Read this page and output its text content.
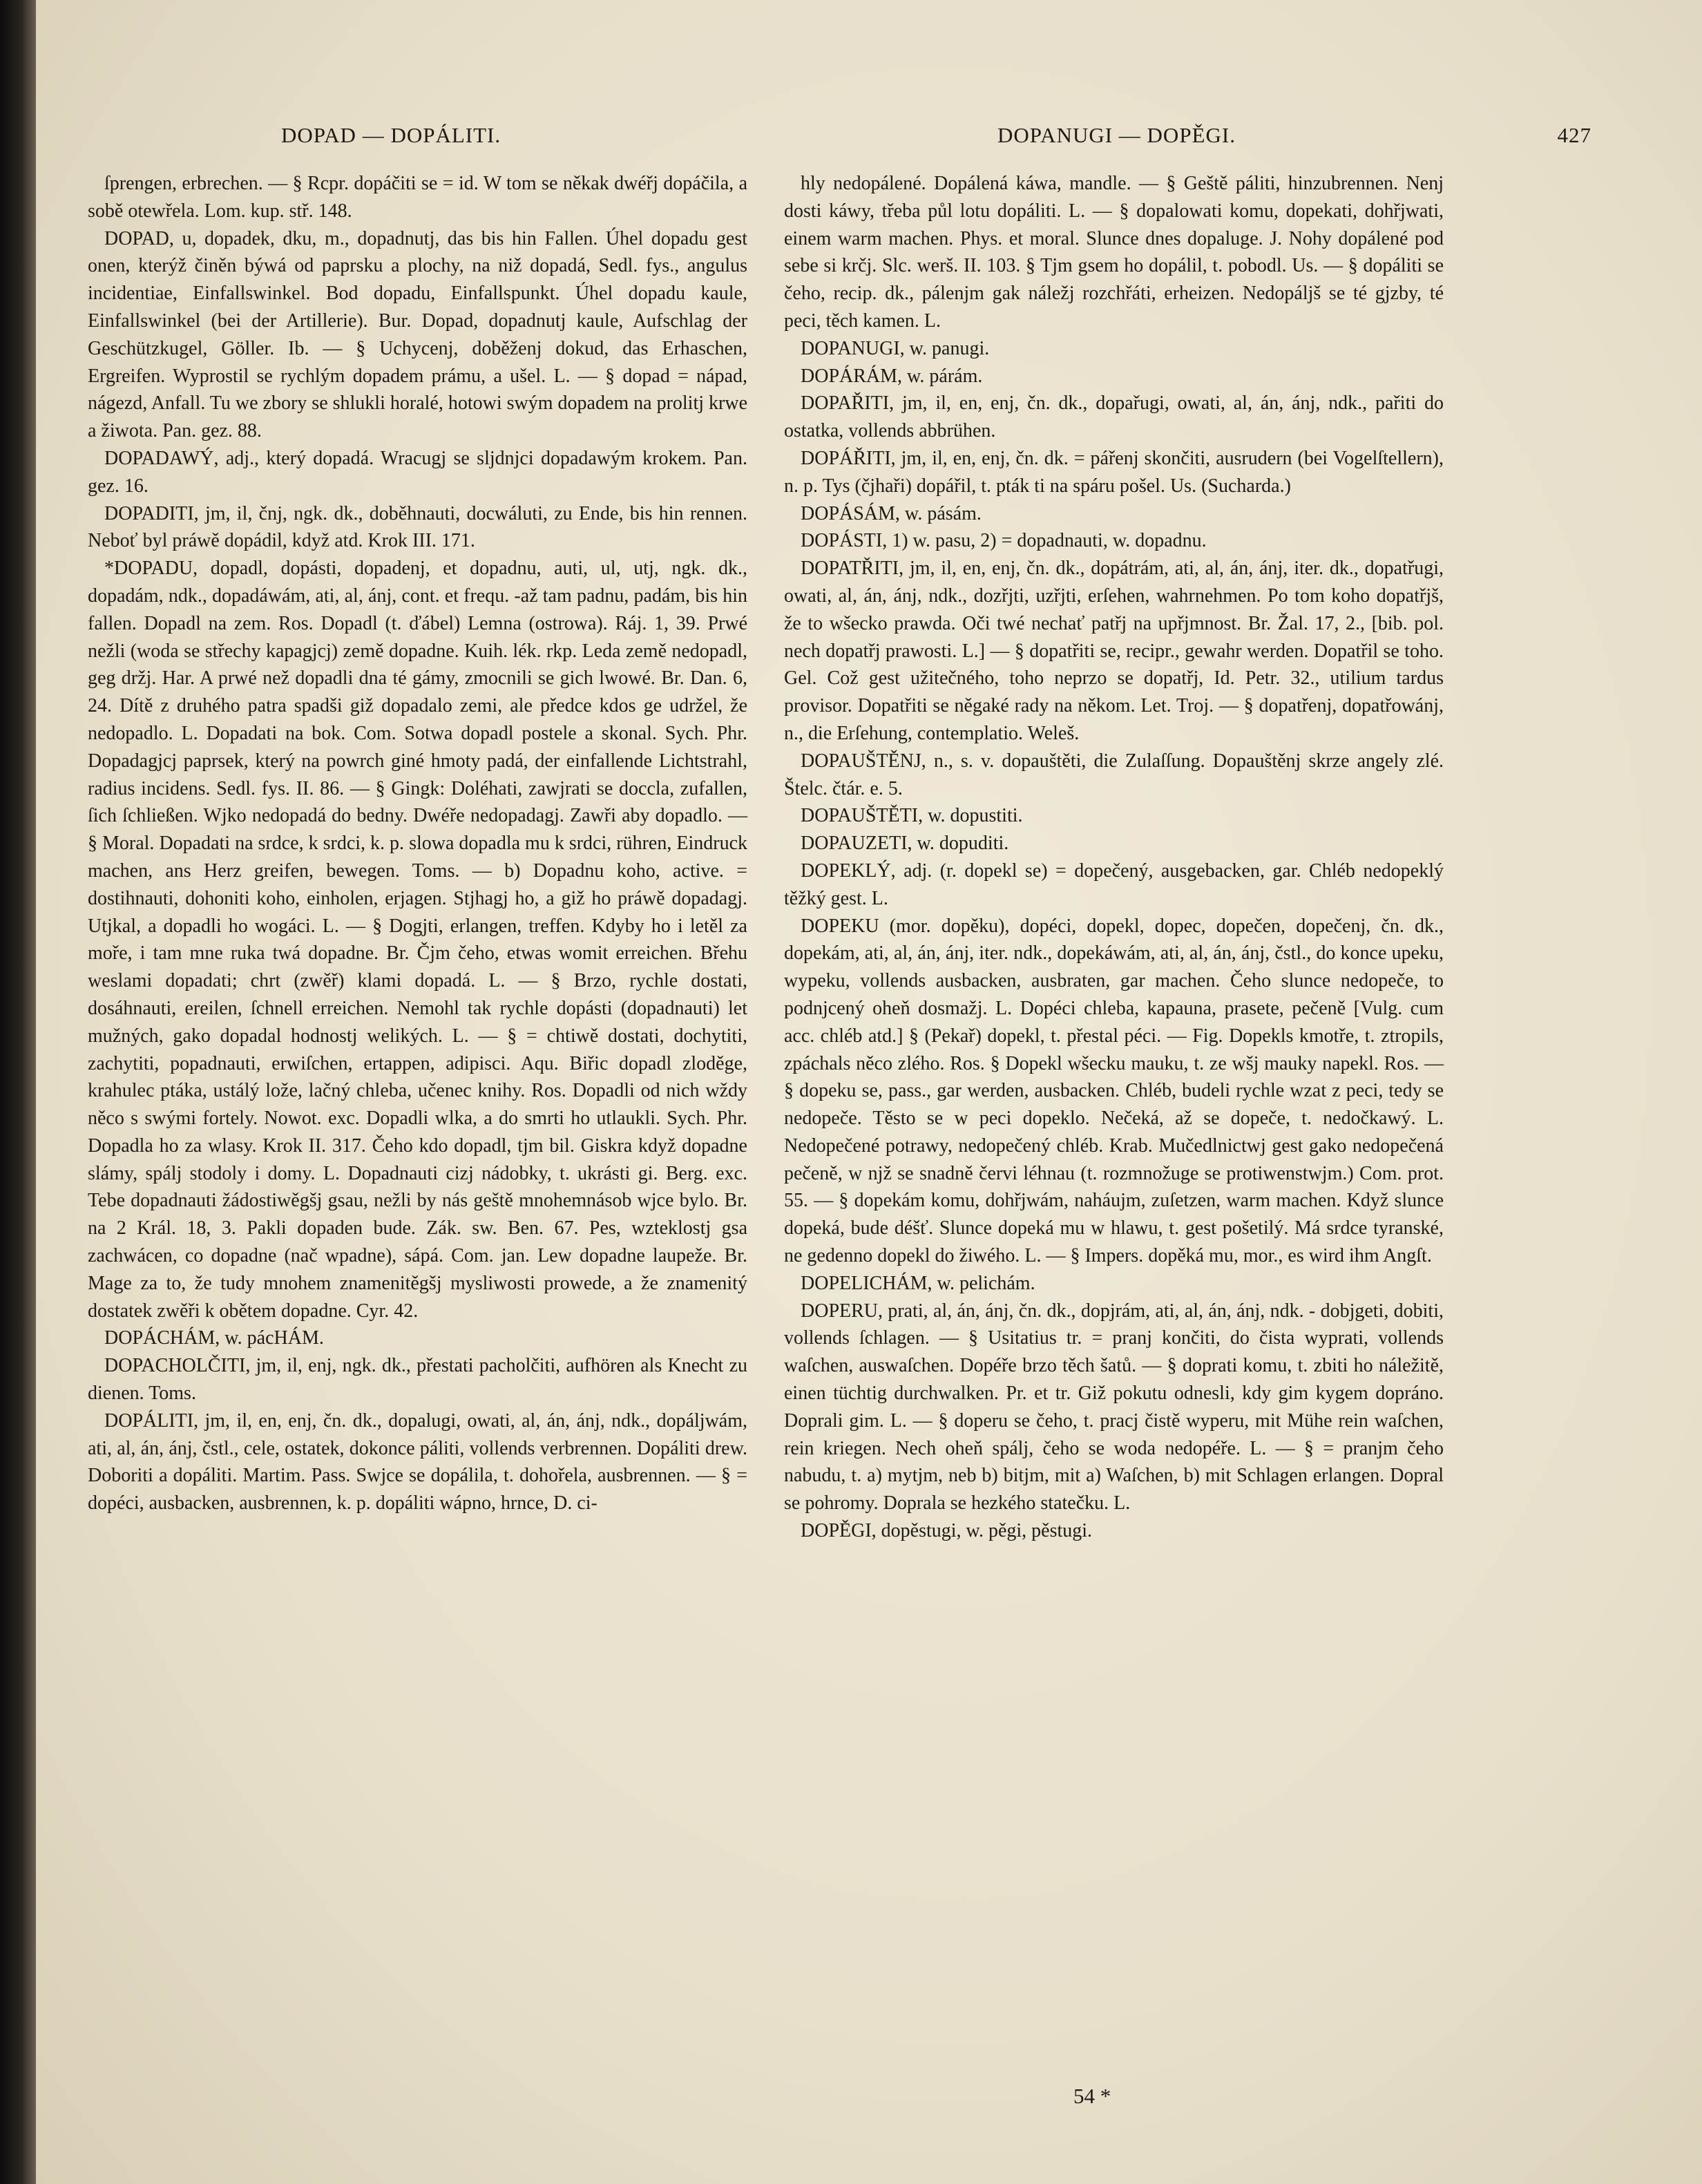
DOPAD — DOPÁLITI.	DOPANUGI — DOPĚGI.	427

ſprengen, erbrechen. — § Rcpr. dopáčiti se = id. W tom se někak dwéřj dopáčila, a sobě otewřela. Lom. kup. stř. 148.

DOPAD, u, dopadek, dku, m., dopadnutj, das bis hin Fallen. Úhel dopadu gest onen, kterýž činěn býwá od paprsku a plochy, na niž dopadá, Sedl. fys., angulus incidentiae, Einfallswinkel. Bod dopadu, Einfallspunkt. Úhel dopadu kaule, Einfallswinkel (bei der Artillerie). Bur. Dopad, dopadnutj kaule, Aufschlag der Geschützkugel, Göller. Ib. — § Uchycenj, doběženj dokud, das Erhaschen, Ergreifen. Wyprostil se rychlým dopadem prámu, a ušel. L. — § dopad = nápad, nágezd, Anfall. Tu we zbory se shlukli horalé, hotowi swým dopadem na prolitj krwe a žiwota. Pan. gez. 88.

DOPADAWÝ, adj., který dopadá. Wracugj se sljdnjci dopadawým krokem. Pan. gez. 16.

DOPADITI, jm, il, čnj, ngk. dk., doběhnauti, docwáluti, zu Ende, bis hin rennen. Neboť byl práwě dopádil, když atd. Krok III. 171.

*DOPADU, dopadl, dopásti, dopadenj, et dopadnu, auti, ul, utj, ngk. dk., dopadám, ndk., dopadáwám, ati, al, ánj, cont. et frequ. -až tam padnu, padám, bis hin fallen. Dopadl na zem. Ros. Dopadl (t. ďábel) Lemna (ostrowa). Ráj. 1, 39. Prwé nežli (woda se střechy kapagjcj) země dopadne. Kuih. lék. rkp. Leda země nedopadl, geg držj. Har. A prwé než dopadli dna té gámy, zmocnili se gich lwowé. Br. Dan. 6, 24. Dítě z druhého patra spadši giž dopadalo zemi, ale předce kdos ge udržel, že nedopadlo. L. Dopadati na bok. Com. Sotwa dopadl postele a skonal. Sych. Phr. Dopadagjcj paprsek, který na powrch giné hmoty padá, der einfallende Lichtstrahl, radius incidens. Sedl. fys. II. 86. — § Gingk: Doléhati, zawjrati se doccla, zufallen, ſich ſchließen. Wjko nedopadá do bedny. Dwéře nedopadagj. Zawři aby dopadlo. — § Moral. Dopadati na srdce, k srdci, k. p. slowa dopadla mu k srdci, rühren, Eindruck machen, ans Herz greifen, bewegen. Toms. — b) Dopadnu koho, active. = dostihnauti, dohoniti koho, einholen, erjagen. Stjhagj ho, a giž ho práwě dopadagj. Utjkal, a dopadli ho wogáci. L. — § Dogjti, erlangen, treffen. Kdyby ho i letěl za moře, i tam mne ruka twá dopadne. Br. Čjm čeho, etwas womit erreichen. Břehu weslami dopadati; chrt (zwěř) klami dopadá. L. — § Brzo, rychle dostati, dosáhnauti, ereilen, ſchnell erreichen. Nemohl tak rychle dopásti (dopadnauti) let mužných, gako dopadal hodnostj welikých. L. — § = chtiwě dostati, dochytiti, zachytiti, popadnauti, erwiſchen, ertappen, adipisci. Aqu. Biřic dopadl zloděge, krahulec ptáka, ustálý lože, lačný chleba, učenec knihy. Ros. Dopadli od nich wždy něco s swými fortely. Nowot. exc. Dopadli wlka, a do smrti ho utlaukli. Sych. Phr. Dopadla ho za wlasy. Krok II. 317. Čeho kdo dopadl, tjm bil. Giskra když dopadne slámy, spálj stodoly i domy. L. Dopadnauti cizj nádobky, t. ukrásti gi. Berg. exc. Tebe dopadnauti žádostiwěgšj gsau, nežli by nás geště mnohemnásob wjce bylo. Br. na 2 Král. 18, 3. Pakli dopaden bude. Zák. sw. Ben. 67. Pes, wzteklostj gsa zachwácen, co dopadne (nač wpadne), sápá. Com. jan. Lew dopadne laupeže. Br. Mage za to, že tudy mnohem znamenitěgšj mysliwosti prowede, a že znamenitý dostatek zwěři k obětem dopadne. Cyr. 42.

DOPÁCHÁM, w. pácHÁM.

DOPACHOLČITI, jm, il, enj, ngk. dk., přestati pacholčiti, aufhören als Knecht zu dienen. Toms.

DOPÁLITI, jm, il, en, enj, čn. dk., dopalugi, owati, al, án, ánj, ndk., dopáljwám, ati, al, án, ánj, čstl., cele, ostatek, dokonce páliti, vollends verbrennen. Dopáliti drew. Doboriti a dopáliti. Martim. Pass. Swjce se dopálila, t. dohořela, ausbrennen. — § = dopéci, ausbacken, ausbrennen, k. p. dopáliti wápno, hrnce, D. ci-

hly nedopálené. Dopálená káwa, mandle. — § Geště páliti, hinzubrennen. Nenj dosti káwy, třeba půl lotu dopáliti. L. — § dopalowati komu, dopekati, dohřjwati, einem warm machen. Phys. et moral. Slunce dnes dopaluge. J. Nohy dopálené pod sebe si krčj. Slc. werš. II. 103. § Tjm gsem ho dopálil, t. pobodl. Us. — § dopáliti se čeho, recip. dk., pálenjm gak náležj rozchřáti, erheizen. Nedopáljš se té gjzby, té peci, těch kamen. L.

DOPANUGI, w. panugi.

DOPÁRÁM, w. párám.

DOPAŘITI, jm, il, en, enj, čn. dk., dopařugi, owati, al, án, ánj, ndk., pařiti do ostatka, vollends abbrühen.

DOPÁŘITI, jm, il, en, enj, čn. dk. = pářenj skončiti, ausrudern (bei Vogelſtellern), n. p. Tys (čjhaři) dopářil, t. pták ti na spáru pošel. Us. (Sucharda.)

DOPÁSÁM, w. pásám.

DOPÁSTI, 1) w. pasu, 2) = dopadnauti, w. dopadnu.

DOPATŘITI, jm, il, en, enj, čn. dk., dopátrám, ati, al, án, ánj, iter. dk., dopatřugi, owati, al, án, ánj, ndk., dozřjti, uzřjti, erſehen, wahrnehmen. Po tom koho dopatřjš, že to wšecko prawda. Oči twé nechať patřj na upřjmnost. Br. Žal. 17, 2., [bib. pol. nech dopatřj prawosti. L.] — § dopatřiti se, recipr., gewahr werden. Dopatřil se toho. Gel. Což gest užitečného, toho neprzo se dopatřj, Id. Petr. 32., utilium tardus provisor. Dopatřiti se něgaké rady na někom. Let. Troj. — § dopatřenj, dopatřowánj, n., die Erſehung, contemplatio. Weleš.

DOPAUŠTĚNJ, n., s. v. dopauštěti, die Zulaſſung. Dopauštěnj skrze angely zlé. Štelc. čtár. e. 5.

DOPAUŠTĚTI, w. dopustiti.

DOPAUZETI, w. dopuditi.

DOPEKLÝ, adj. (r. dopekl se) = dopečený, ausgebacken, gar. Chléb nedopeklý těžký gest. L.

DOPEKU (mor. dopěku), dopéci, dopekl, dopec, dopečen, dopečenj, čn. dk., dopekám, ati, al, án, ánj, iter. ndk., dopekáwám, ati, al, án, ánj, čstl., do konce upeku, wypeku, vollends ausbacken, ausbraten, gar machen. Čeho slunce nedopeče, to podnjcený oheň dosmažj. L. Dopéci chleba, kapauna, prasete, pečeně [Vulg. cum acc. chléb atd.] § (Pekař) dopekl, t. přestal péci. — Fig. Dopekls kmotře, t. ztropils, zpáchals něco zlého. Ros. § Dopekl wšecku mauku, t. ze wšj mauky napekl. Ros. — § dopeku se, pass., gar werden, ausbacken. Chléb, budeli rychle wzat z peci, tedy se nedopeče. Těsto se w peci dopeklo. Nečeká, až se dopeče, t. nedočkawý. L. Nedopečené potrawy, nedopečený chléb. Krab. Mučedlnictwj gest gako nedopečená pečeně, w njž se snadně červi léhnau (t. rozmnožuge se protiwenstwjm.) Com. prot. 55. — § dopekám komu, dohřjwám, naháujm, zuſetzen, warm machen. Když slunce dopeká, bude déšť. Slunce dopeká mu w hlawu, t. gest pošetilý. Má srdce tyranské, ne gedenno dopekl do žiwého. L. — § Impers. dopěká mu, mor., es wird ihm Angſt.

DOPELICHÁM, w. pelichám.

DOPERU, prati, al, án, ánj, čn. dk., dopjrám, ati, al, án, ánj, ndk. - dobjgeti, dobiti, vollends ſchlagen. — § Usitatius tr. = pranj končiti, do čista wyprati, vollends waſchen, auswaſchen. Dopéře brzo těch šatů. — § doprati komu, t. zbiti ho náležitě, einen tüchtig durchwalken. Pr. et tr. Giž pokutu odnesli, kdy gim kygem dopráno. Doprali gim. L. — § doperu se čeho, t. pracj čistě wyperu, mit Mühe rein waſchen, rein kriegen. Nech oheň spálj, čeho se woda nedopéře. L. — § = pranjm čeho nabudu, t. a) mytjm, neb b) bitjm, mit a) Waſchen, b) mit Schlagen erlangen. Dopral se pohromy. Doprala se hezkého statečku. L.

DOPĚGI, dopěstugi, w. pěgi, pěstugi.

54 *
